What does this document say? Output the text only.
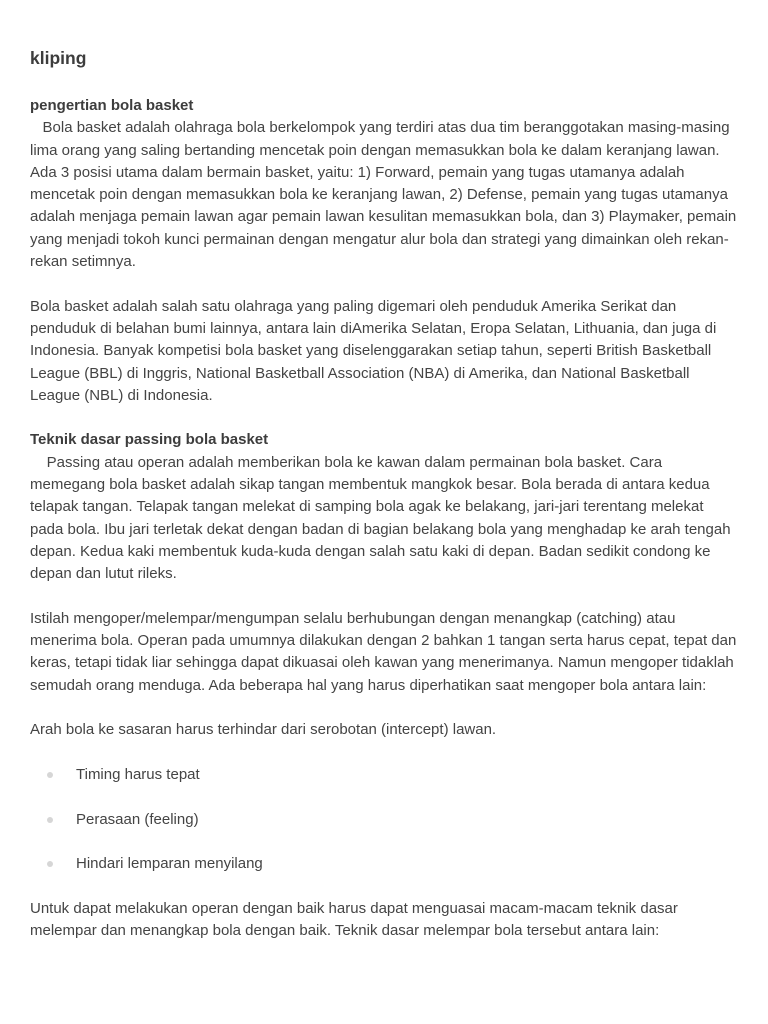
kliping
pengertian bola basket

Bola basket adalah olahraga bola berkelompok yang terdiri atas dua tim beranggotakan masing-masing lima orang yang saling bertanding mencetak poin dengan memasukkan bola ke dalam keranjang lawan. Ada 3 posisi utama dalam bermain basket, yaitu: 1) Forward, pemain yang tugas utamanya adalah mencetak poin dengan memasukkan bola ke keranjang lawan, 2) Defense, pemain yang tugas utamanya adalah menjaga pemain lawan agar pemain lawan kesulitan memasukkan bola, dan 3) Playmaker, pemain yang menjadi tokoh kunci permainan dengan mengatur alur bola dan strategi yang dimainkan oleh rekan- rekan setimnya.

Bola basket adalah salah satu olahraga yang paling digemari oleh penduduk Amerika Serikat dan penduduk di belahan bumi lainnya, antara lain diAmerika Selatan, Eropa Selatan, Lithuania, dan juga di Indonesia. Banyak kompetisi bola basket yang diselenggarakan setiap tahun, seperti British Basketball League (BBL) di Inggris, National Basketball Association (NBA) di Amerika, dan National Basketball League (NBL) di Indonesia.

Teknik dasar passing bola basket

Passing atau operan adalah memberikan bola ke kawan dalam permainan bola basket. Cara memegang bola basket adalah sikap tangan membentuk mangkok besar. Bola berada di antara kedua telapak tangan. Telapak tangan melekat di samping bola agak ke belakang, jari-jari terentang melekat pada bola. Ibu jari terletak dekat dengan badan di bagian belakang bola yang menghadap ke arah tengah depan. Kedua kaki membentuk kuda-kuda dengan salah satu kaki di depan. Badan sedikit condong ke depan dan lutut rileks.

Istilah mengoper/melempar/mengumpan selalu berhubungan dengan menangkap (catching) atau menerima bola. Operan pada umumnya dilakukan dengan 2 bahkan 1 tangan serta harus cepat, tepat dan keras, tetapi tidak liar sehingga dapat dikuasai oleh kawan yang menerimanya. Namun mengoper tidaklah semudah orang menduga. Ada beberapa hal yang harus diperhatikan saat mengoper bola antara lain:

Arah bola ke sasaran harus terhindar dari serobotan (intercept) lawan.

Timing harus tepat
Perasaan (feeling)
Hindari lemparan menyilang

Untuk dapat melakukan operan dengan baik harus dapat menguasai macam-macam teknik dasar melempar dan menangkap bola dengan baik. Teknik dasar melempar bola tersebut antara lain:
